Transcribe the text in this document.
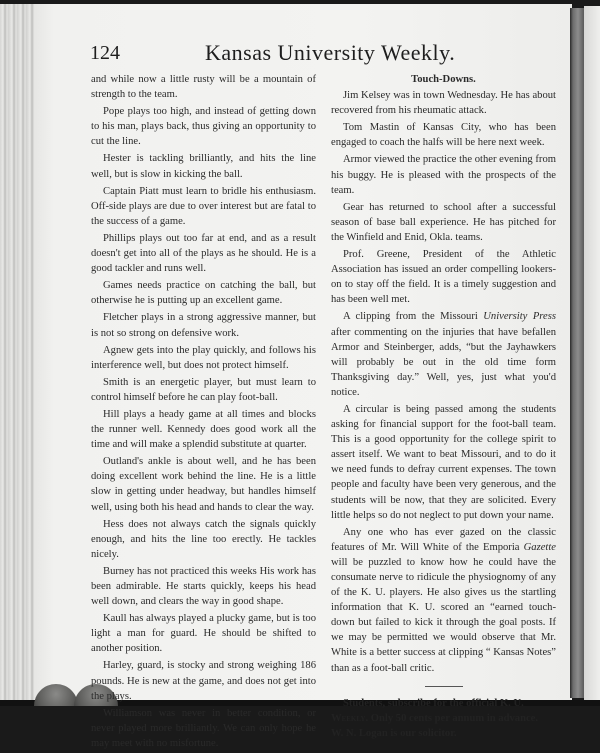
124	Kansas University Weekly.

and while now a little rusty will be a mountain of strength to the team.

Pope plays too high, and instead of getting down to his man, plays back, thus giving an opportunity to cut the line.

Hester is tackling brilliantly, and hits the line well, but is slow in kicking the ball.

Captain Piatt must learn to bridle his enthusiasm. Off-side plays are due to over interest but are fatal to the success of a game.

Phillips plays out too far at end, and as a result doesn't get into all of the plays as he should. He is a good tackler and runs well.

Games needs practice on catching the ball, but otherwise he is putting up an excellent game.

Fletcher plays in a strong aggressive manner, but is not so strong on defensive work.

Agnew gets into the play quickly, and follows his interference well, but does not protect himself.

Smith is an energetic player, but must learn to control himself before he can play foot-ball.

Hill plays a heady game at all times and blocks the runner well. Kennedy does good work all the time and will make a splendid substitute at quarter.

Outland's ankle is about well, and he has been doing excellent work behind the line. He is a little slow in getting under headway, but handles himself well, using both his head and hands to clear the way.

Hess does not always catch the signals quickly enough, and hits the line too erectly. He tackles nicely.

Burney has not practiced this weeks His work has been admirable. He starts quickly, keeps his head well down, and clears the way in good shape.

Kaull has always played a plucky game, but is too light a man for guard. He should be shifted to another position.

Harley, guard, is stocky and strong weighing 186 pounds. He is new at the game, and does not get into the plays.

Williamson was never in better condition, or never played more brilliantly. We can only hope he may meet with no misfortune.

Touch-Downs.

Jim Kelsey was in town Wednesday. He has about recovered from his rheumatic attack.

Tom Mastin of Kansas City, who has been engaged to coach the halfs will be here next week.

Armor viewed the practice the other evening from his buggy. He is pleased with the prospects of the team.

Gear has returned to school after a successful season of base ball experience. He has pitched for the Winfield and Enid, Okla. teams.

Prof. Greene, President of the Athletic Association has issued an order compelling lookers-on to stay off the field. It is a timely suggestion and has been well met.

A clipping from the Missouri University Press after commenting on the injuries that have befallen Armor and Steinberger, adds, “but the Jayhawkers will probably be out in the old time form Thanksgiving day.” Well, yes, just what you'd notice.

A circular is being passed among the students asking for financial support for the foot-ball team. This is a good opportunity for the college spirit to assert itself. We want to beat Missouri, and to do it we need funds to defray current expenses. The town people and faculty have been very generous, and the students will be now, that they are solicited. Every little helps so do not neglect to put down your name.

Any one who has ever gazed on the classic features of Mr. Will White of the Emporia Gazette will be puzzled to know how he could have the consumate nerve to ridicule the physiognomy of any of the K. U. players. He also gives us the startling information that K. U. scored an “earned touch-down but failed to kick it through the goal posts. If we may be permitted we would observe that Mr. White is a better success at clipping “ Kansas Notes” than as a foot-ball critic.

Students, subscribe for the official K. U.

Weekly. Only 50 cents per annum in advance.

W. N. Logan is our solicitor.
